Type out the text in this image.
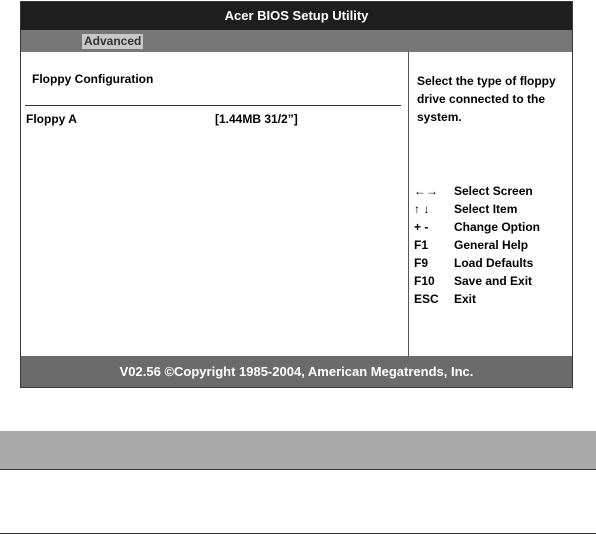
Acer BIOS Setup Utility
Advanced
Floppy Configuration
Floppy A	[1.44MB 31/2”]
Select the type of floppy drive connected to the system.
←→	Select Screen
↑ ↓	Select Item
+ -	Change Option
F1	General Help
F9	Load Defaults
F10	Save and Exit
ESC	Exit
V02.56 ©Copyright 1985-2004, American Megatrends, Inc.
